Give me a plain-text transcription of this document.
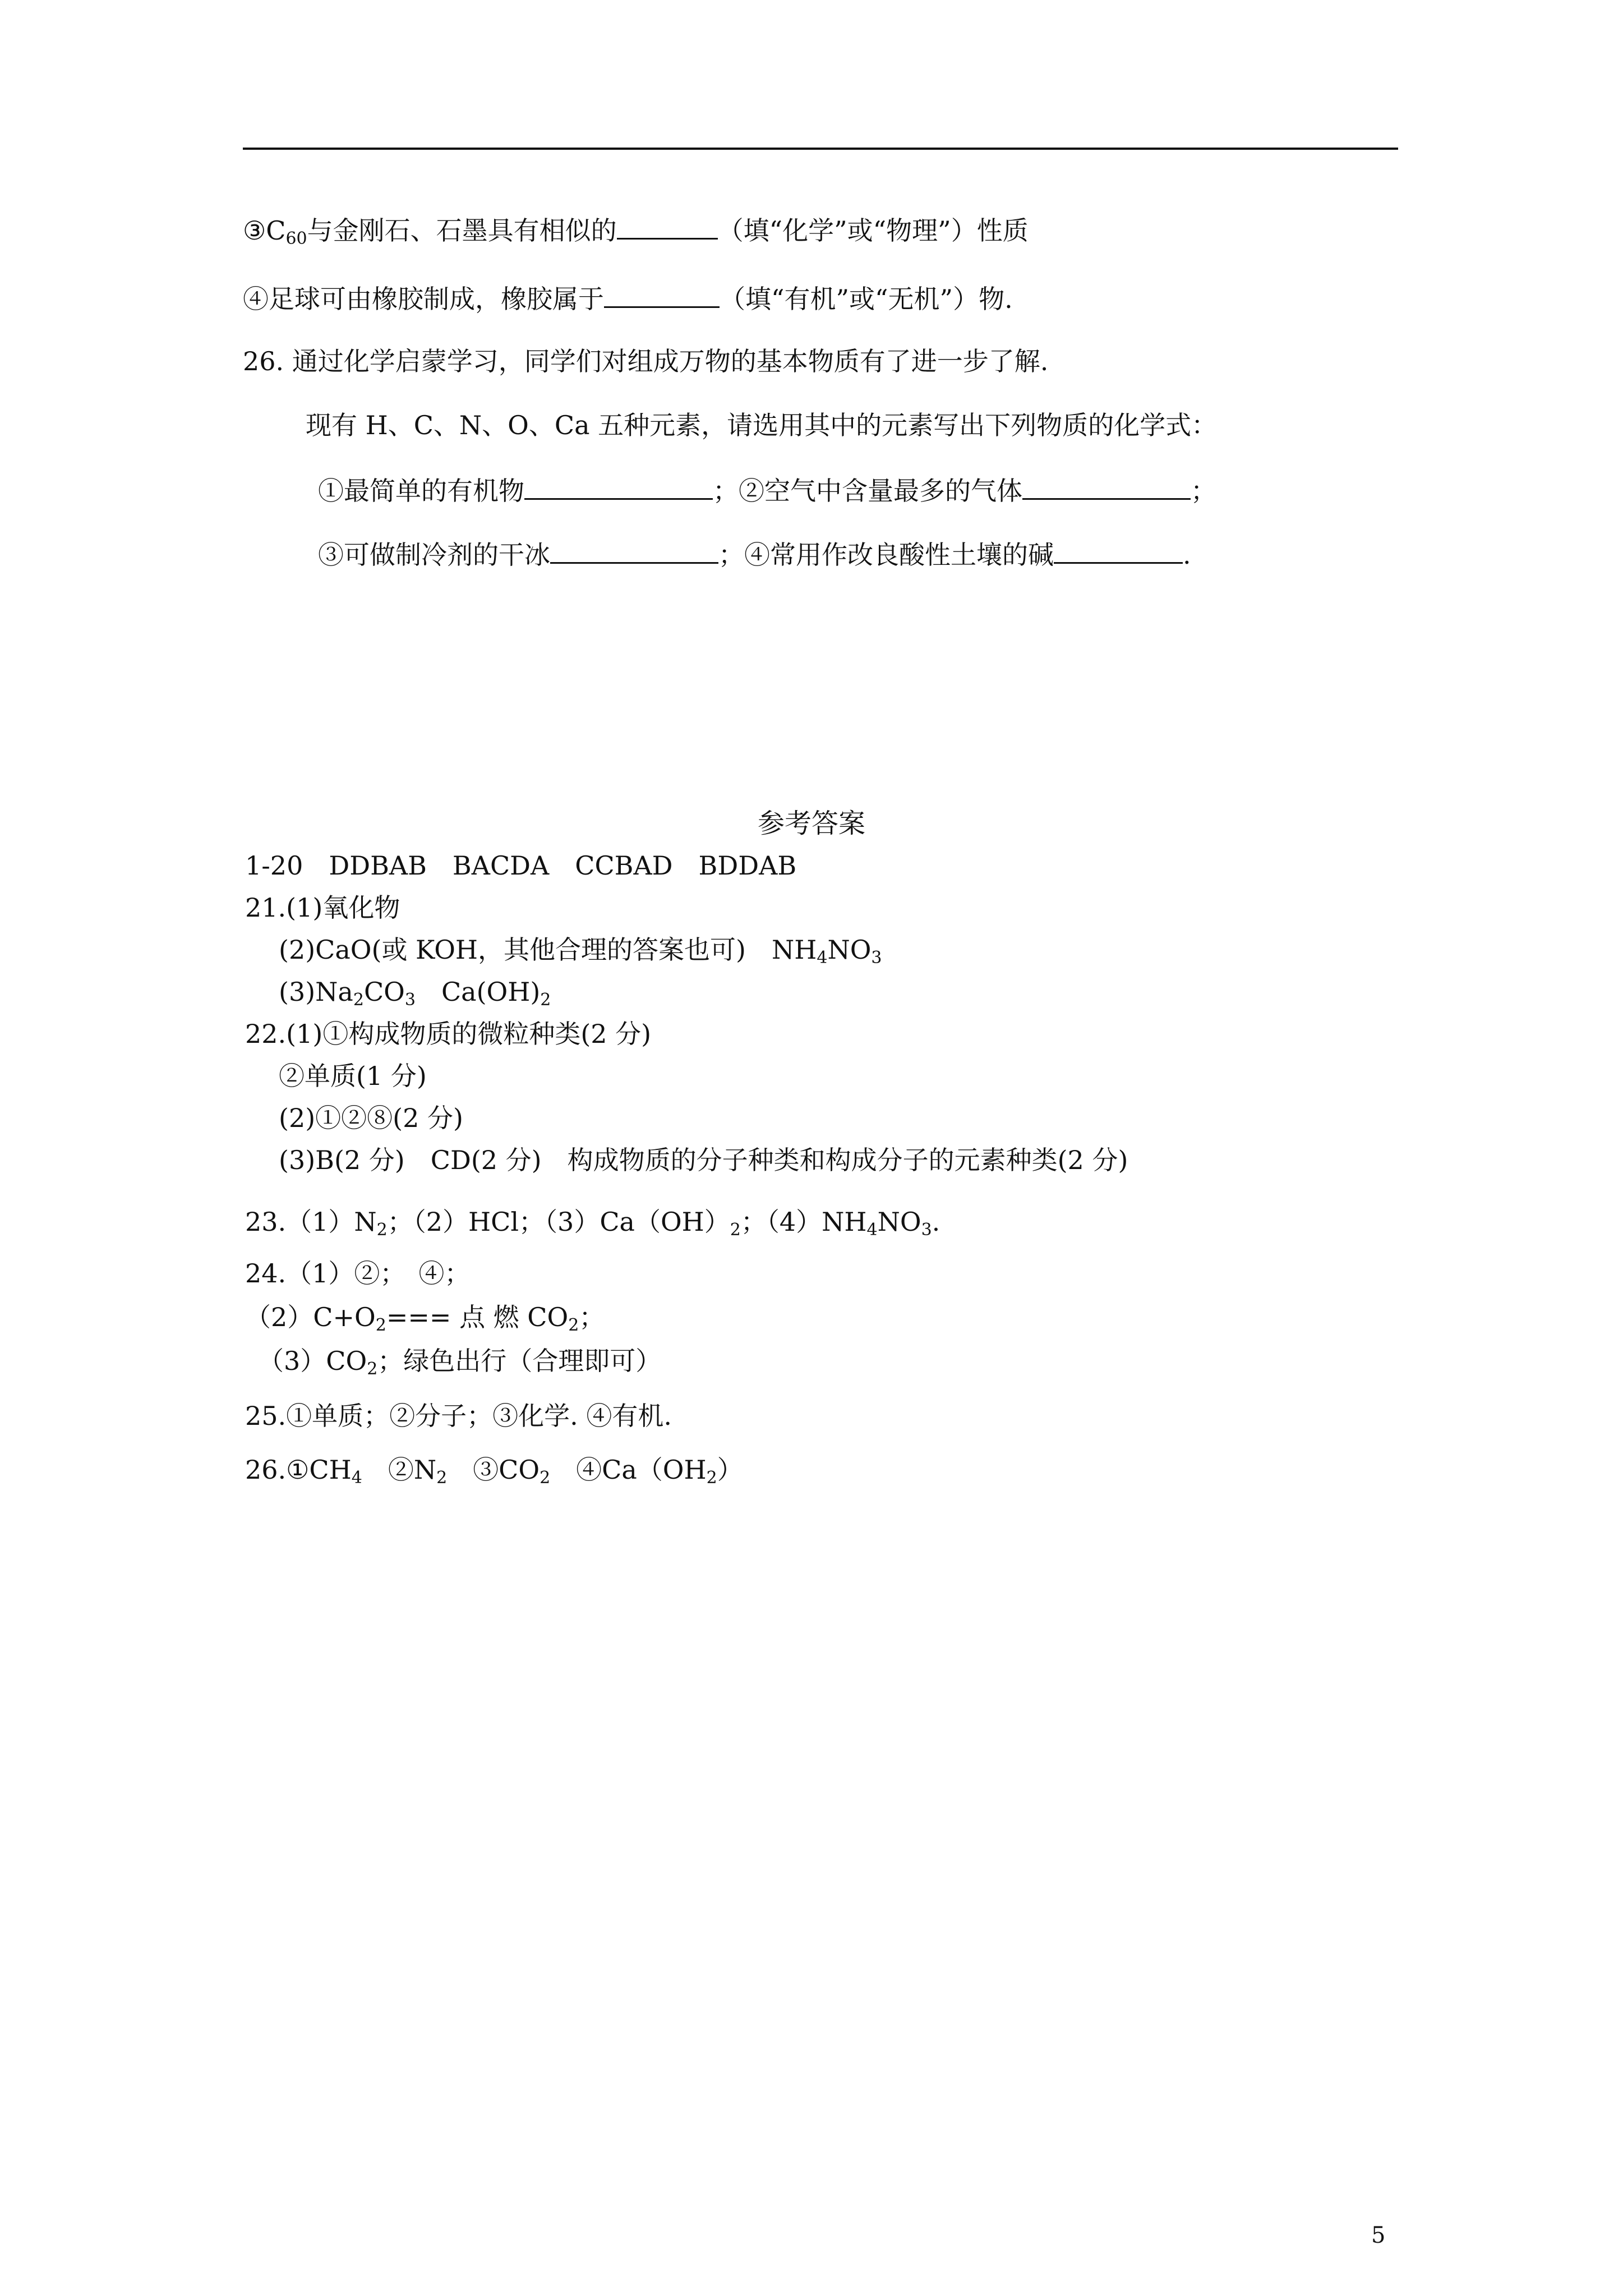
$③C_{60}$与金刚石、石墨具有相似的	（填“化学”或“物理”）性质
④足球可由橡胶制成，橡胶属于	（填“有机”或“无机”）物.
26. 通过化学启蒙学习，同学们对组成万物的基本物质有了进一步了解.
现有 H、C、N、O、Ca 五种元素，请选用其中的元素写出下列物质的化学式：
①最简单的有机物	；②空气中含量最多的气体	；
③可做制冷剂的干冰	；④常用作改良酸性土壤的碱	.
参考答案
1-20　DDBAB　BACDA　CCBAD　BDDAB
21.(1)氧化物
(2)CaO(或 KOH，其他合理的答案也可)　$NH_4NO_3$
$(3)Na_2CO_3$　$Ca(OH)_2$
22.(1)①构成物质的微粒种类(2 分)
②单质(1 分)
(2)①②⑧(2 分)
(3)B(2 分)　CD(2 分)　构成物质的分子种类和构成分子的元素种类(2 分)
$23.(1)N_2$；（2）HCl；$(3)Ca(OH)_2$；$(4)NH_4NO_3$.
24.（1）②；　④；
$(2)C+O_2===$ 点 燃 $CO_2$；
$(3)CO_2$；绿色出行（合理即可）
25.①单质；②分子；③化学. ④有机.
$26.①CH_4$　$②N_2$　$③CO_2$　$④Ca(OH_2)$
5
